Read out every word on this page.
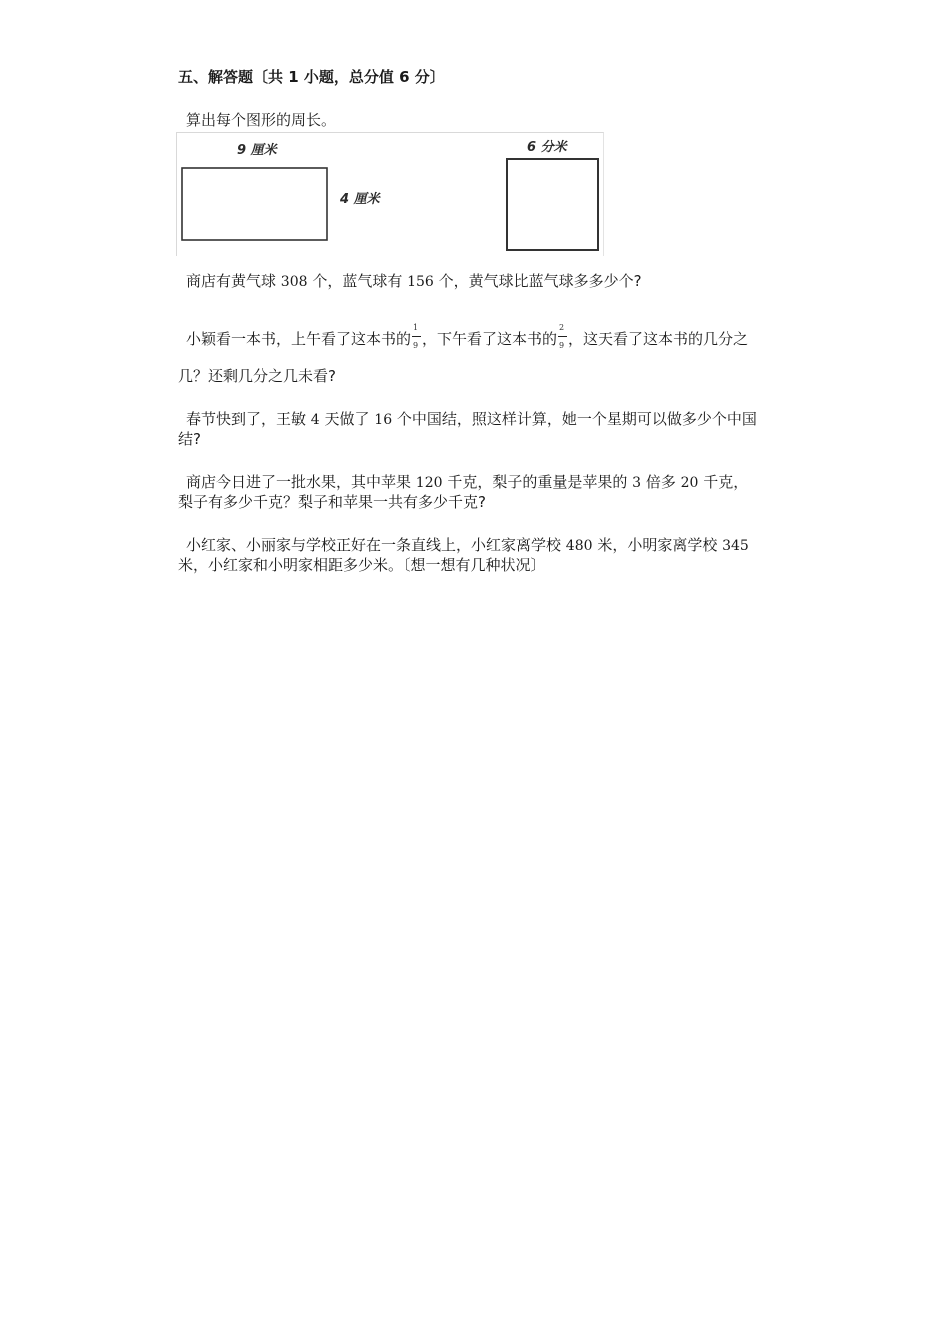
五、解答题〔共 1 小题，总分值 6 分〕
算出每个图形的周长。
9 厘米
4 厘米
6 分米
商店有黄气球 308 个，蓝气球有 156 个，黄气球比蓝气球多多少个?
小颖看一本书，上午看了这本书的 $\frac{1}{9}$ ，下午看了这本书的 $\frac{2}{9}$ ，这天看了这本书的几分之
几？还剩几分之几未看?
春节快到了，王敏 4 天做了 16 个中国结，照这样计算，她一个星期可以做多少个中国
结?
商店今日进了一批水果，其中苹果 120 千克，梨子的重量是苹果的 3 倍多 20 千克，
梨子有多少千克？梨子和苹果一共有多少千克?
小红家、小丽家与学校正好在一条直线上，小红家离学校 480 米，小明家离学校 345
米，小红家和小明家相距多少米。〔想一想有几种状况〕
